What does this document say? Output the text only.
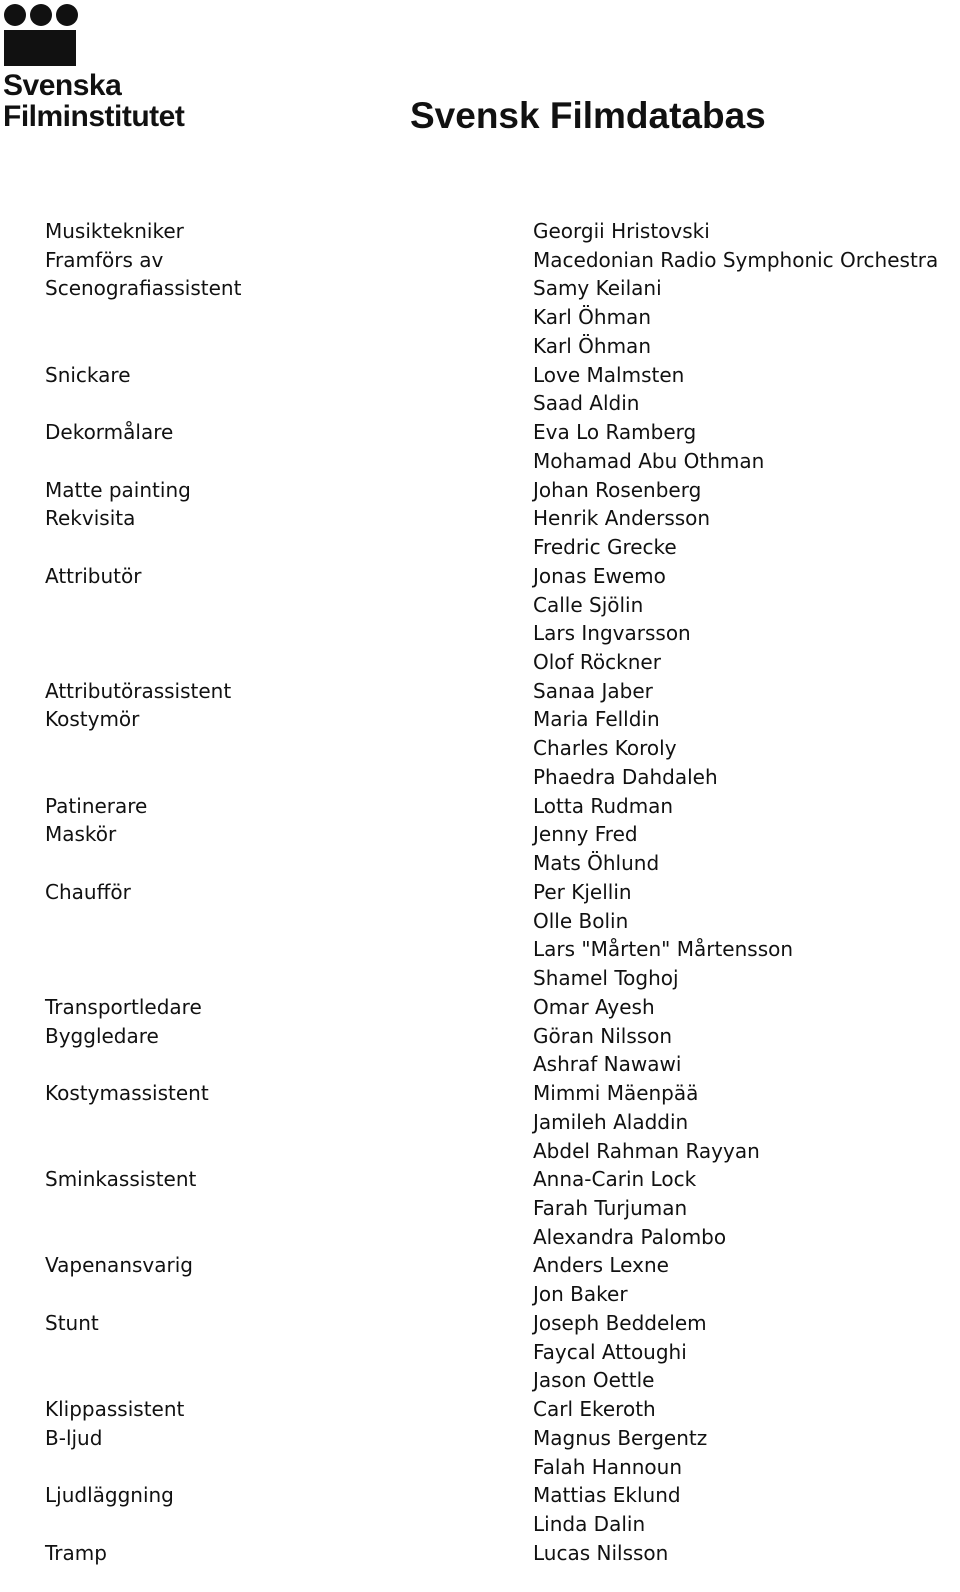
Svenska
Filminstitutet	Svensk Filmdatabas
Musiktekniker	Georgii Hristovski
Framförs av	Macedonian Radio Symphonic Orchestra
Scenografiassistent	Samy Keilani
Karl Öhman
Karl Öhman
Snickare	Love Malmsten
Saad Aldin
Dekormålare	Eva Lo Ramberg
Mohamad Abu Othman
Matte painting	Johan Rosenberg
Rekvisita	Henrik Andersson
Fredric Grecke
Attributör	Jonas Ewemo
Calle Sjölin
Lars Ingvarsson
Olof Röckner
Attributörassistent	Sanaa Jaber
Kostymör	Maria Felldin
Charles Koroly
Phaedra Dahdaleh
Patinerare	Lotta Rudman
Maskör	Jenny Fred
Mats Öhlund
Chaufför	Per Kjellin
Olle Bolin
Lars "Mårten" Mårtensson
Shamel Toghoj
Transportledare	Omar Ayesh
Byggledare	Göran Nilsson
Ashraf Nawawi
Kostymassistent	Mimmi Mäenpää
Jamileh Aladdin
Abdel Rahman Rayyan
Sminkassistent	Anna-Carin Lock
Farah Turjuman
Alexandra Palombo
Vapenansvarig	Anders Lexne
Jon Baker
Stunt	Joseph Beddelem
Faycal Attoughi
Jason Oettle
Klippassistent	Carl Ekeroth
B-ljud	Magnus Bergentz
Falah Hannoun
Ljudläggning	Mattias Eklund
Linda Dalin
Tramp	Lucas Nilsson
